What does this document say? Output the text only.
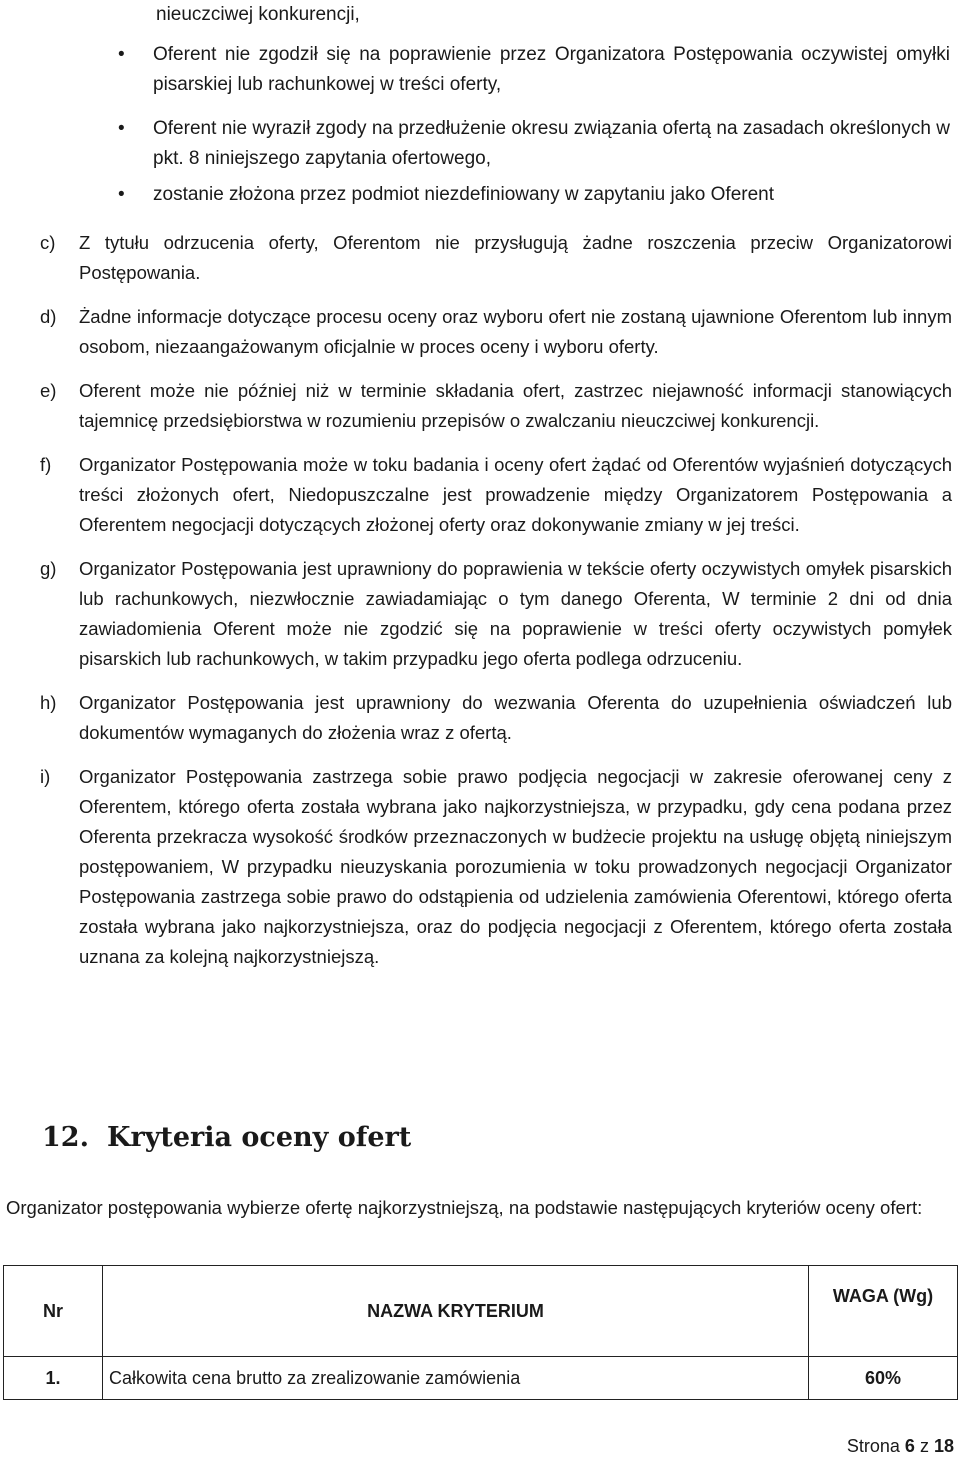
nieuczciwej konkurencji,
• Oferent nie zgodził się na poprawienie przez Organizatora Postępowania oczywistej omyłki pisarskiej lub rachunkowej w treści oferty,
• Oferent nie wyraził zgody na przedłużenie okresu związania ofertą na zasadach określonych w pkt. 8 niniejszego zapytania ofertowego,
• zostanie złożona przez podmiot niezdefiniowany w zapytaniu jako Oferent
c) Z tytułu odrzucenia oferty, Oferentom nie przysługują żadne roszczenia przeciw Organizatorowi Postępowania.
d) Żadne informacje dotyczące procesu oceny oraz wyboru ofert nie zostaną ujawnione Oferentom lub innym osobom, niezaangażowanym oficjalnie w proces oceny i wyboru oferty.
e) Oferent może nie później niż w terminie składania ofert, zastrzec niejawność informacji stanowiących tajemnicę przedsiębiorstwa w rozumieniu przepisów o zwalczaniu nieuczciwej konkurencji.
f) Organizator Postępowania może w toku badania i oceny ofert żądać od Oferentów wyjaśnień dotyczących treści złożonych ofert, Niedopuszczalne jest prowadzenie między Organizatorem Postępowania a Oferentem negocjacji dotyczących złożonej oferty oraz dokonywanie zmiany w jej treści.
g) Organizator Postępowania jest uprawniony do poprawienia w tekście oferty oczywistych omyłek pisarskich lub rachunkowych, niezwłocznie zawiadamiając o tym danego Oferenta, W terminie 2 dni od dnia zawiadomienia Oferent może nie zgodzić się na poprawienie w treści oferty oczywistych pomyłek pisarskich lub rachunkowych, w takim przypadku jego oferta podlega odrzuceniu.
h) Organizator Postępowania jest uprawniony do wezwania Oferenta do uzupełnienia oświadczeń lub dokumentów wymaganych do złożenia wraz z ofertą.
i) Organizator Postępowania zastrzega sobie prawo podjęcia negocjacji w zakresie oferowanej ceny z Oferentem, którego oferta została wybrana jako najkorzystniejsza, w przypadku, gdy cena podana przez Oferenta przekracza wysokość środków przeznaczonych w budżecie projektu na usługę objętą niniejszym postępowaniem, W przypadku nieuzyskania porozumienia w toku prowadzonych negocjacji Organizator Postępowania zastrzega sobie prawo do odstąpienia od udzielenia zamówienia Oferentowi, którego oferta została wybrana jako najkorzystniejsza, oraz do podjęcia negocjacji z Oferentem, którego oferta została uznana za kolejną najkorzystniejszą.
12. Kryteria oceny ofert
Organizator postępowania wybierze ofertę najkorzystniejszą, na podstawie następujących kryteriów oceny ofert:
Nr	NAZWA KRYTERIUM	WAGA (Wg)
1.	Całkowita cena brutto za zrealizowanie zamówienia	60%
Strona 6 z 18
